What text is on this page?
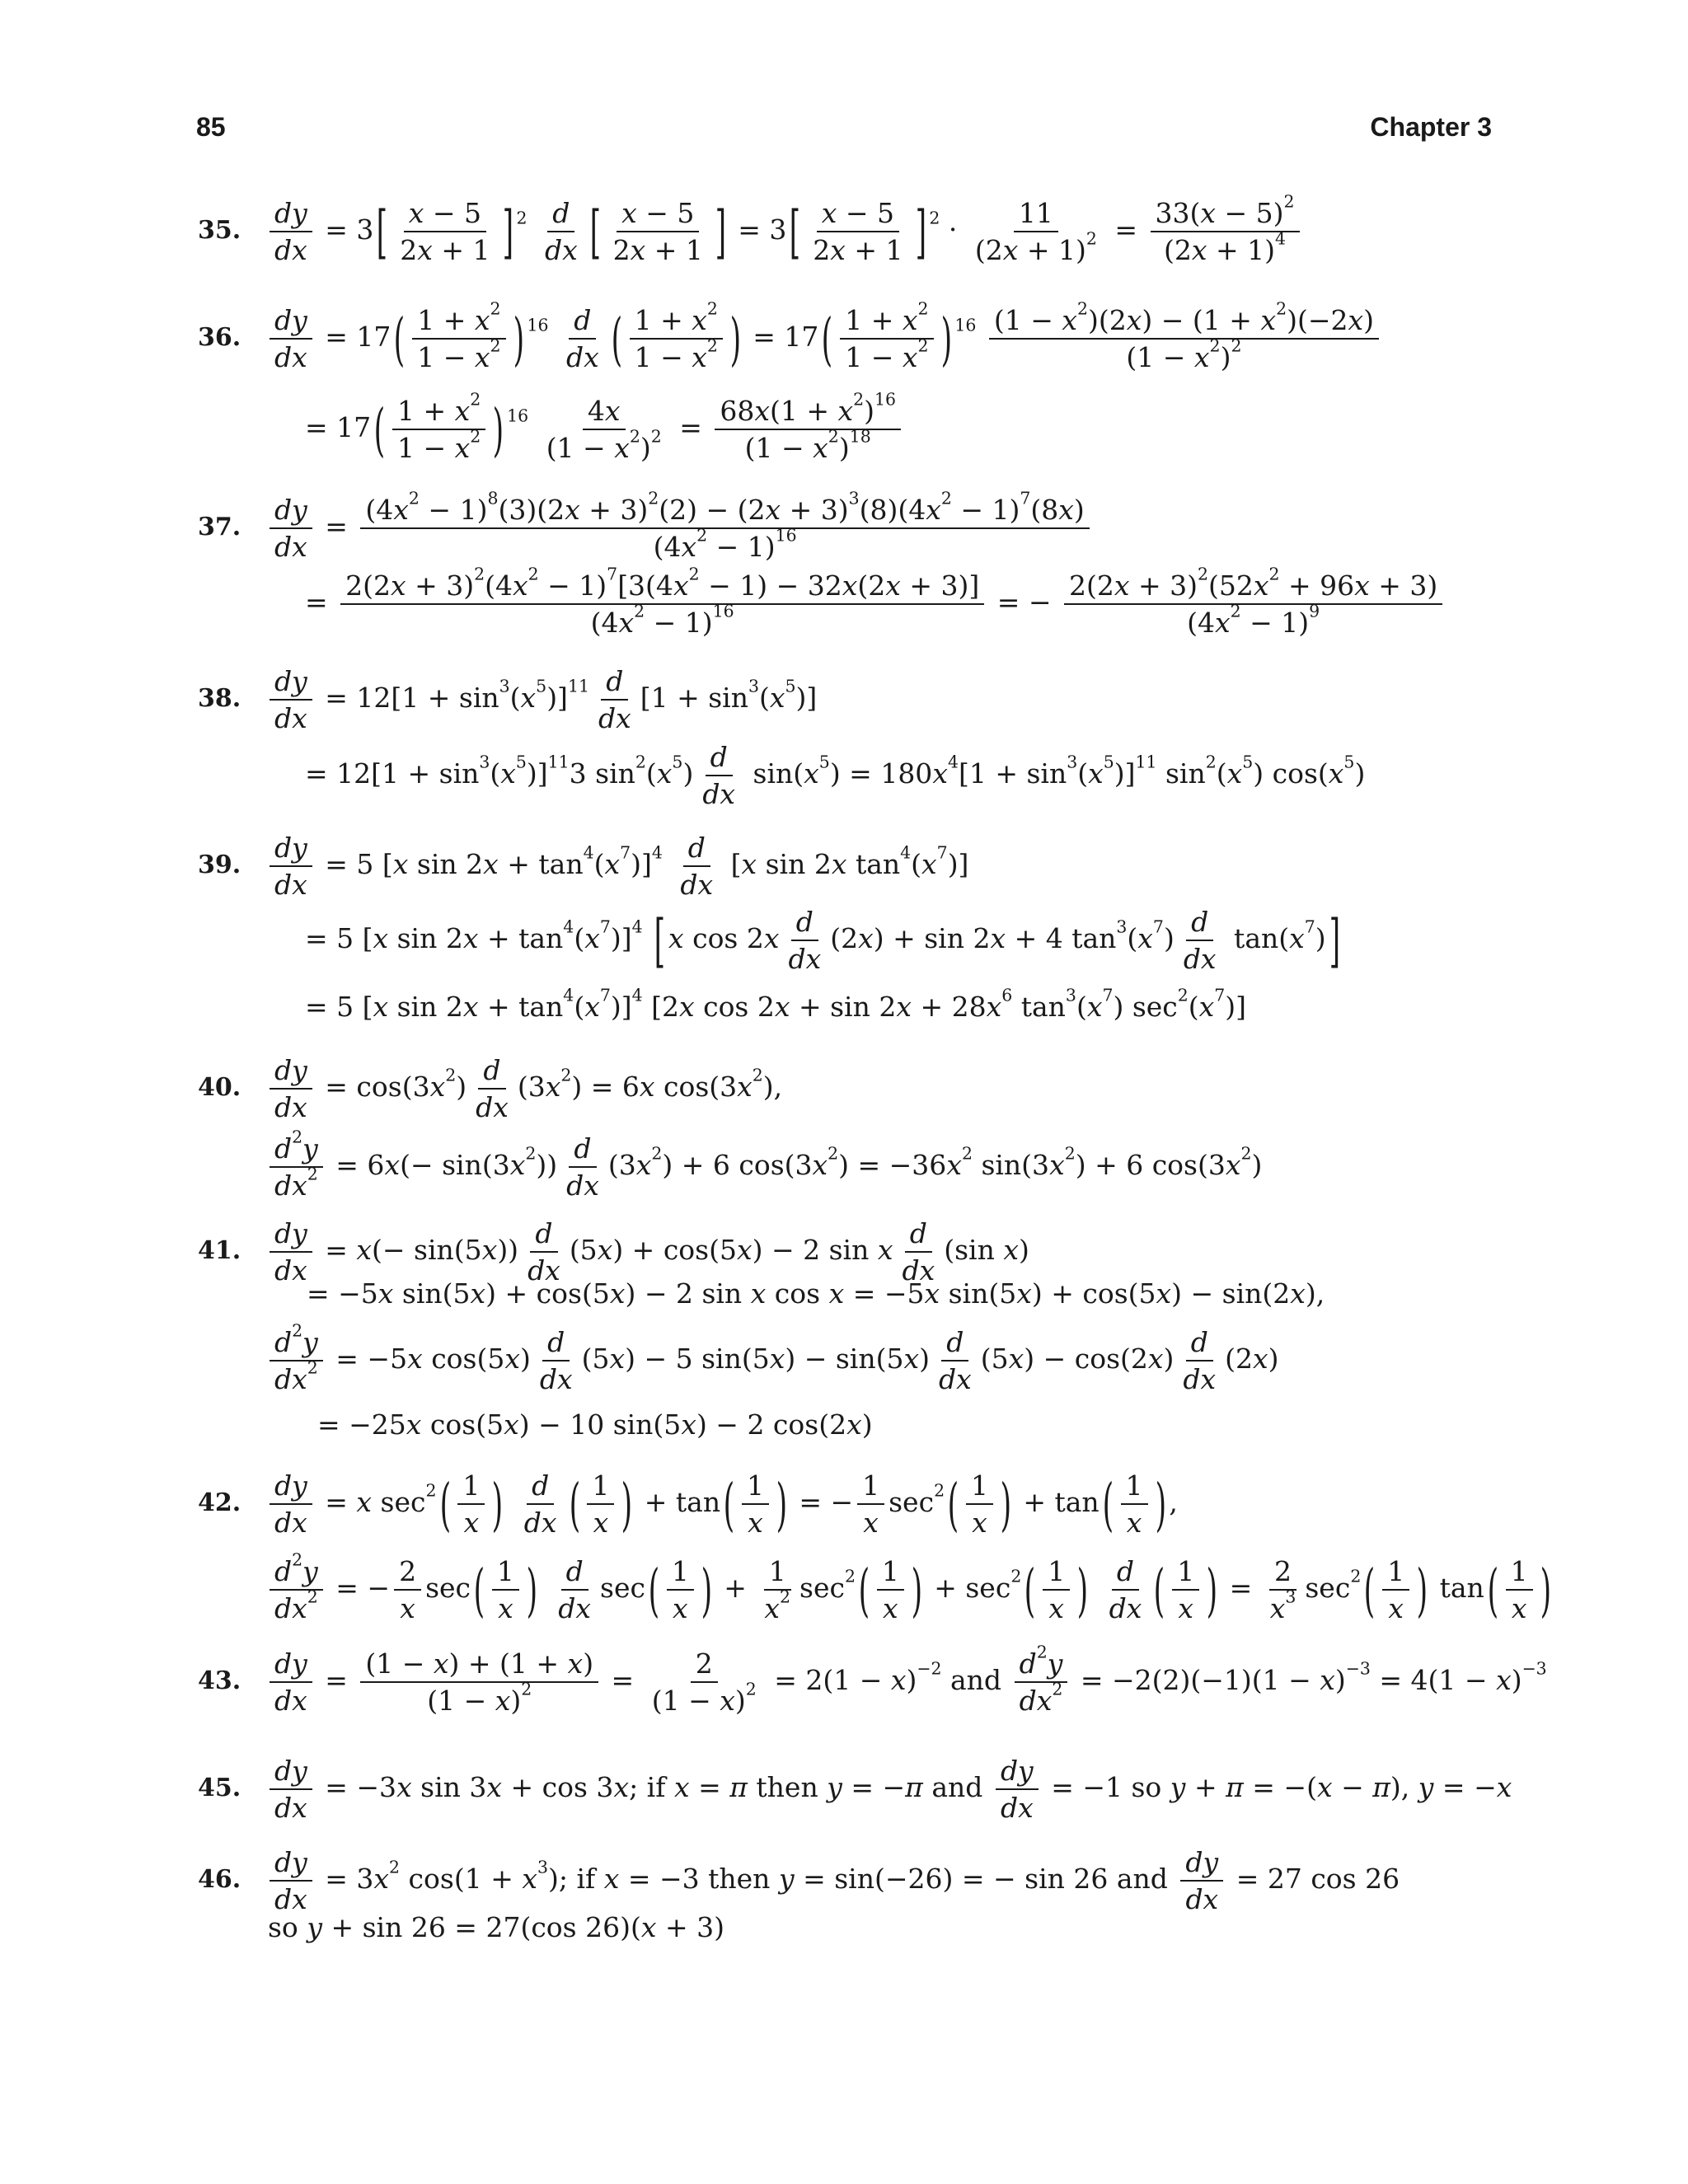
85	Chapter 3
35.
36.
37.
38.
39.
40.
41.
42.
43.
45.
46.
$\frac{dy}{dx} = 3$ [ $\frac{x - 5}{2x + 1}$ ] $^2 \frac{d}{dx}$ [ $\frac{x - 5}{2x + 1}$ ] = 3 [ $\frac{x - 5}{2x + 1}$ ] $^2 \cdot \frac{11}{(2x + 1)^2} = \frac{33(x - 5)^2}{(2x + 1)^4}$
$\frac{dy}{dx} = 17$ ( $\frac{1 + x^2}{1 - x^2}$ ) $^{16} \frac{d}{dx}$ ( $\frac{1 + x^2}{1 - x^2}$ ) = 17 ( $\frac{1 + x^2}{1 - x^2}$ ) $^{16} \frac{(1 - x^2)(2x) - (1 + x^2)(-2x)}{(1 - x^2)^2}$
= 17 ( $\frac{1 + x^2}{1 - x^2}$ ) $^{16} \frac{4x}{(1 - x^2)^2} = \frac{68x(1 + x^2)^{16}}{(1 - x^2)^{18}}$
$\frac{dy}{dx} = \frac{(4x^2 - 1)^8(3)(2x + 3)^2(2) - (2x + 3)^3(8)(4x^2 - 1)^7(8x)}{(4x^2 - 1)^{16}}$
= $\frac{2(2x + 3)^2(4x^2 - 1)^7[3(4x^2 - 1) - 32x(2x + 3)]}{(4x^2 - 1)^{16}}$ = − $\frac{2(2x + 3)^2(52x^2 + 96x + 3)}{(4x^2 - 1)^9}$
$\frac{dy}{dx} = 12[1 + \sin^3(x^5)]^{11} \frac{d}{dx} [1 + \sin^3(x^5)]$
= $12[1 + \sin^3(x^5)]^{11}3$ $\sin^2(x^5) \frac{d}{dx} \sin(x^5) = 180x^4[1 + \sin^3(x^5)]^{11}$ $\sin^2(x^5)$ $\cos(x^5)$
$\frac{dy}{dx} = 5$ [x $\sin 2x + \tan^4(x^7)]^4 \frac{d}{dx} [x$ sin 2x $\tan^4(x^7)$]
= 5 [x $\sin 2x + \tan^4(x^7)]^4$ [ x $\cos 2x \frac{d}{dx} (2x) + \sin 2x + 4$ $\tan^3(x^7) \frac{d}{dx} \tan(x^7)$ ]
= 5 [x $\sin 2x + \tan^4(x^7)]^4$ [2x $\cos 2x + \sin 2x + 28x^6$ $\tan^3(x^7)$ $\sec^2(x^7)$]
$\frac{dy}{dx} = \cos(3x^2) \frac{d}{dx} (3x^2) = 6x$ $\cos(3x^2)$,
$\frac{d^2y}{dx^2} = 6x(- \sin(3x^2)) \frac{d}{dx} (3x^2) + 6$ $\cos(3x^2) = -36x^2$ $\sin(3x^2) + 6$ $\cos(3x^2)$
$\frac{dy}{dx} = x(- \sin(5x)) \frac{d}{dx} (5x) + \cos(5x) - 2$ sin x $\frac{d}{dx} (\sin$ x)
= −5x sin(5x) + cos(5x) − 2 sin x cos x = −5x sin(5x) + cos(5x) − sin(2x),
$\frac{d^2y}{dx^2} = -5x$ $\cos(5x) \frac{d}{dx} (5x) - 5$ $\sin(5x) - \sin(5x) \frac{d}{dx} (5x) - \cos(2x) \frac{d}{dx} (2x)$
= −25x cos(5x) − 10 sin(5x) − 2 cos(2x)
$\frac{dy}{dx} = x$ $\sec^2$ ( $\frac{1}{x}$ ) $\frac{d}{dx}$ ( $\frac{1}{x}$ ) + tan ( $\frac{1}{x}$ ) = − $\frac{1}{x} \sec^2$ ( $\frac{1}{x}$ ) + tan ( $\frac{1}{x}$ ) ,
$\frac{d^2y}{dx^2}$ = − $\frac{2}{x}$ sec ( $\frac{1}{x}$ ) $\frac{d}{dx}$ sec ( $\frac{1}{x}$ ) + $\frac{1}{x^2} \sec^2$ ( $\frac{1}{x}$ ) + $\sec^2$ ( $\frac{1}{x}$ ) $\frac{d}{dx}$ ( $\frac{1}{x}$ ) = $\frac{2}{x^3} \sec^2$ ( $\frac{1}{x}$ ) tan ( $\frac{1}{x}$ )
$\frac{dy}{dx} = \frac{(1 - x) + (1 + x)}{(1 - x)^2} = \frac{2}{(1 - x)^2} = 2(1 - x)^{-2}$ and $\frac{d^2y}{dx^2} = -2(2)(-1)(1 - x)^{-3} = 4(1 - x)^{-3}$
$\frac{dy}{dx} = -3x$ sin 3x + cos 3x; if x = π then y = −π and $\frac{dy}{dx} = -1$ so y + π = −(x − π), y = −x
$\frac{dy}{dx} = 3x^2$ $\cos(1 + x^3)$; if x = −3 then y = sin(−26) = − sin 26 and $\frac{dy}{dx} = 27$ cos 26
so y + sin 26 = 27(cos 26)(x + 3)
